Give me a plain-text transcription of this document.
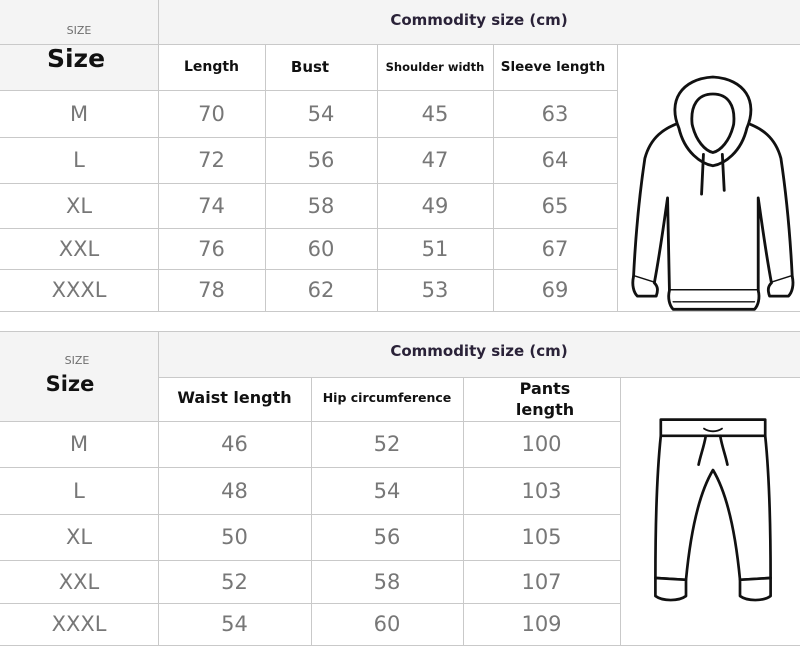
SIZE
Size
Commodity size (cm)
Length	Bust	Shoulder width	Sleeve length
M	70	54	45	63
L	72	56	47	64
XL	74	58	49	65
XXL	76	60	51	67
XXXL	78	62	53	69
SIZE
Size
Commodity size (cm)
Waist length	Hip circumference	Pants length
M	46	52	100
L	48	54	103
XL	50	56	105
XXL	52	58	107
XXXL	54	60	109
